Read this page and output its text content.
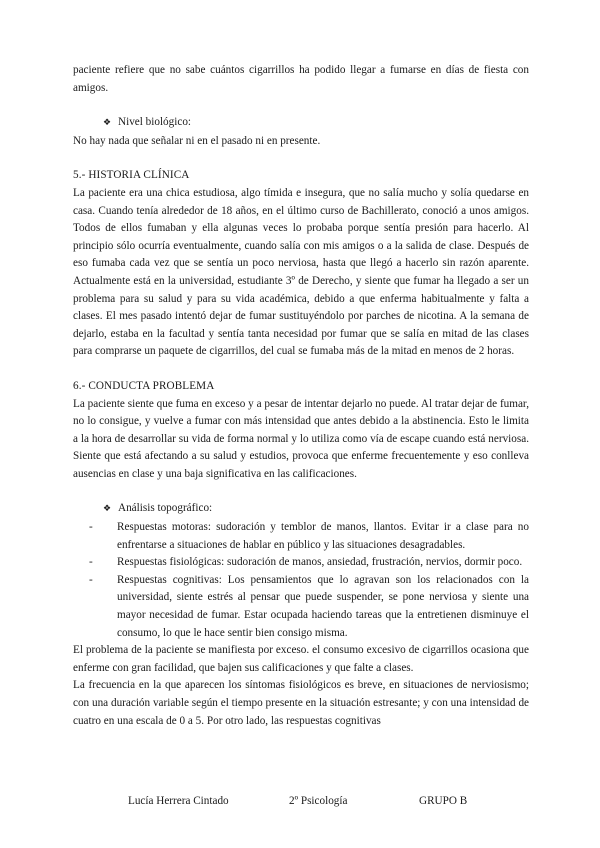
paciente refiere que no sabe cuántos cigarrillos ha podido llegar a fumarse en días de fiesta con amigos.

❖ Nivel biológico:

No hay nada que señalar ni en el pasado ni en presente.

5.- HISTORIA CLÍNICA

La paciente era una chica estudiosa, algo tímida e insegura, que no salía mucho y solía quedarse en casa. Cuando tenía alrededor de 18 años, en el último curso de Bachillerato, conoció a unos amigos. Todos de ellos fumaban y ella algunas veces lo probaba porque sentía presión para hacerlo. Al principio sólo ocurría eventualmente, cuando salía con mis amigos o a la salida de clase. Después de eso fumaba cada vez que se sentía un poco nerviosa, hasta que llegó a hacerlo sin razón aparente. Actualmente está en la universidad, estudiante 3º de Derecho, y siente que fumar ha llegado a ser un problema para su salud y para su vida académica, debido a que enferma habitualmente y falta a clases. El mes pasado intentó dejar de fumar sustituyéndolo por parches de nicotina. A la semana de dejarlo, estaba en la facultad y sentía tanta necesidad por fumar que se salía en mitad de las clases para comprarse un paquete de cigarrillos, del cual se fumaba más de la mitad en menos de 2 horas.

6.- CONDUCTA PROBLEMA

La paciente siente que fuma en exceso y a pesar de intentar dejarlo no puede. Al tratar dejar de fumar, no lo consigue, y vuelve a fumar con más intensidad que antes debido a la abstinencia. Esto le limita a la hora de desarrollar su vida de forma normal y lo utiliza como vía de escape cuando está nerviosa. Siente que está afectando a su salud y estudios, provoca que enferme frecuentemente y eso conlleva ausencias en clase y una baja significativa en las calificaciones.

❖ Análisis topográfico:

- Respuestas motoras: sudoración y temblor de manos, llantos. Evitar ir a clase para no enfrentarse a situaciones de hablar en público y las situaciones desagradables.
- Respuestas fisiológicas: sudoración de manos, ansiedad, frustración, nervios, dormir poco.
- Respuestas cognitivas: Los pensamientos que lo agravan son los relacionados con la universidad, siente estrés al pensar que puede suspender, se pone nerviosa y siente una mayor necesidad de fumar. Estar ocupada haciendo tareas que la entretienen disminuye el consumo, lo que le hace sentir bien consigo misma.

El problema de la paciente se manifiesta por exceso. el consumo excesivo de cigarrillos ocasiona que enferme con gran facilidad, que bajen sus calificaciones y que falte a clases.

La frecuencia en la que aparecen los síntomas fisiológicos es breve, en situaciones de nerviosismo; con una duración variable según el tiempo presente en la situación estresante; y con una intensidad de cuatro en una escala de 0 a 5. Por otro lado, las respuestas cognitivas

Lucía Herrera Cintado	2º Psicología	GRUPO B
